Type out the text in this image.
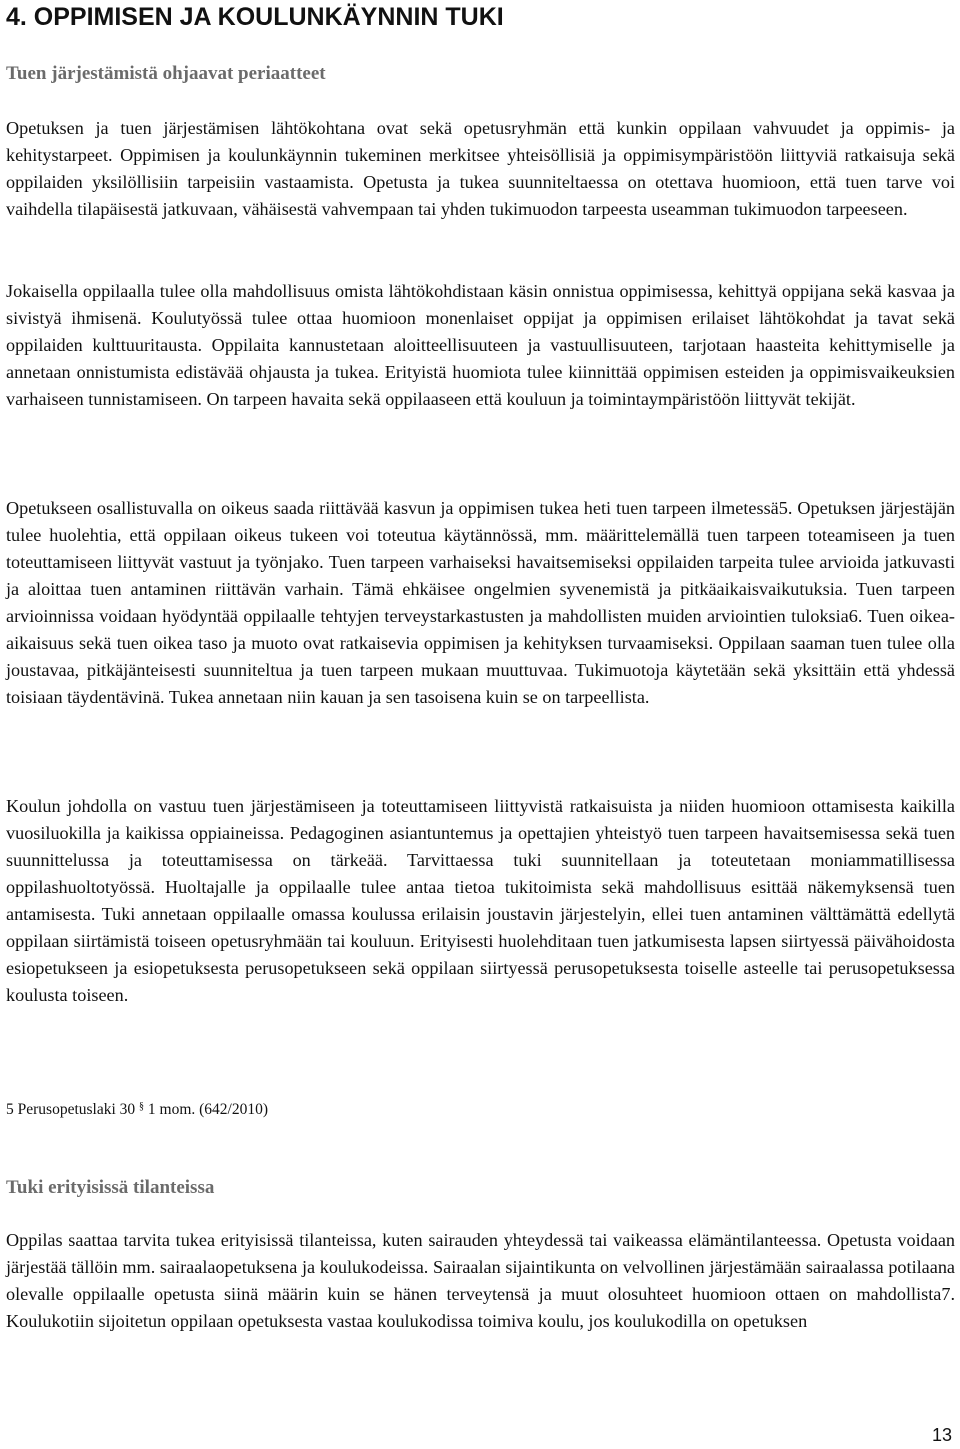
4. OPPIMISEN JA KOULUNKÄYNNIN TUKI
Tuen järjestämistä ohjaavat periaatteet

Opetuksen ja tuen järjestämisen lähtökohtana ovat sekä opetusryhmän että kunkin oppilaan vahvuudet ja oppimis- ja kehitystarpeet. Oppimisen ja koulunkäynnin tukeminen merkitsee yhteisöllisiä ja oppimisympäristöön liittyviä ratkaisuja sekä oppilaiden yksilöllisiin tarpeisiin vastaamista. Opetusta ja tukea suunniteltaessa on otettava huomioon, että tuen tarve voi vaihdella tilapäisestä jatkuvaan, vähäisestä vahvempaan tai yhden tukimuodon tarpeesta useamman tukimuodon tarpeeseen.

Jokaisella oppilaalla tulee olla mahdollisuus omista lähtökohdistaan käsin onnistua oppimisessa, kehittyä oppijana sekä kasvaa ja sivistyä ihmisenä. Koulutyössä tulee ottaa huomioon monenlaiset oppijat ja oppimisen erilaiset lähtökohdat ja tavat sekä oppilaiden kulttuuritausta. Oppilaita kannustetaan aloitteellisuuteen ja vastuullisuuteen, tarjotaan haasteita kehittymiselle ja annetaan onnistumista edistävää ohjausta ja tukea. Erityistä huomiota tulee kiinnittää oppimisen esteiden ja oppimisvaikeuksien varhaiseen tunnistamiseen. On tarpeen havaita sekä oppilaaseen että kouluun ja toimintaympäristöön liittyvät tekijät.

Opetukseen osallistuvalla on oikeus saada riittävää kasvun ja oppimisen tukea heti tuen tarpeen ilmetessä5. Opetuksen järjestäjän tulee huolehtia, että oppilaan oikeus tukeen voi toteutua käytännössä, mm. määrittelemällä tuen tarpeen toteamiseen ja tuen toteuttamiseen liittyvät vastuut ja työnjako. Tuen tarpeen varhaiseksi havaitsemiseksi oppilaiden tarpeita tulee arvioida jatkuvasti ja aloittaa tuen antaminen riittävän varhain. Tämä ehkäisee ongelmien syvenemistä ja pitkäaikaisvaikutuksia. Tuen tarpeen arvioinnissa voidaan hyödyntää oppilaalle tehtyjen terveystarkastusten ja mahdollisten muiden arviointien tuloksia6. Tuen oikea-aikaisuus sekä tuen oikea taso ja muoto ovat ratkaisevia oppimisen ja kehityksen turvaamiseksi. Oppilaan saaman tuen tulee olla joustavaa, pitkäjänteisesti suunniteltua ja tuen tarpeen mukaan muuttuvaa. Tukimuotoja käytetään sekä yksittäin että yhdessä toisiaan täydentävinä. Tukea annetaan niin kauan ja sen tasoisena kuin se on tarpeellista.

Koulun johdolla on vastuu tuen järjestämiseen ja toteuttamiseen liittyvistä ratkaisuista ja niiden huomioon ottamisesta kaikilla vuosiluokilla ja kaikissa oppiaineissa. Pedagoginen asiantuntemus ja opettajien yhteistyö tuen tarpeen havaitsemisessa sekä tuen suunnittelussa ja toteuttamisessa on tärkeää. Tarvittaessa tuki suunnitellaan ja toteutetaan moniammatillisessa oppilashuoltotyössä. Huoltajalle ja oppilaalle tulee antaa tietoa tukitoimista sekä mahdollisuus esittää näkemyksensä tuen antamisesta. Tuki annetaan oppilaalle omassa koulussa erilaisin joustavin järjestelyin, ellei tuen antaminen välttämättä edellytä oppilaan siirtämistä toiseen opetusryhmään tai kouluun. Erityisesti huolehditaan tuen jatkumisesta lapsen siirtyessä päivähoidosta esiopetukseen ja esiopetuksesta perusopetukseen sekä oppilaan siirtyessä perusopetuksesta toiselle asteelle tai perusopetuksessa koulusta toiseen.

5 Perusopetuslaki 30 § 1 mom. (642/2010)

Tuki erityisissä tilanteissa

Oppilas saattaa tarvita tukea erityisissä tilanteissa, kuten sairauden yhteydessä tai vaikeassa elämäntilanteessa. Opetusta voidaan järjestää tällöin mm. sairaalaopetuksena ja koulukodeissa. Sairaalan sijaintikunta on velvollinen järjestämään sairaalassa potilaana olevalle oppilaalle opetusta siinä määrin kuin se hänen terveytensä ja muut olosuhteet huomioon ottaen on mahdollista7. Koulukotiin sijoitetun oppilaan opetuksesta vastaa koulukodissa toimiva koulu, jos koulukodilla on opetuksen

13
